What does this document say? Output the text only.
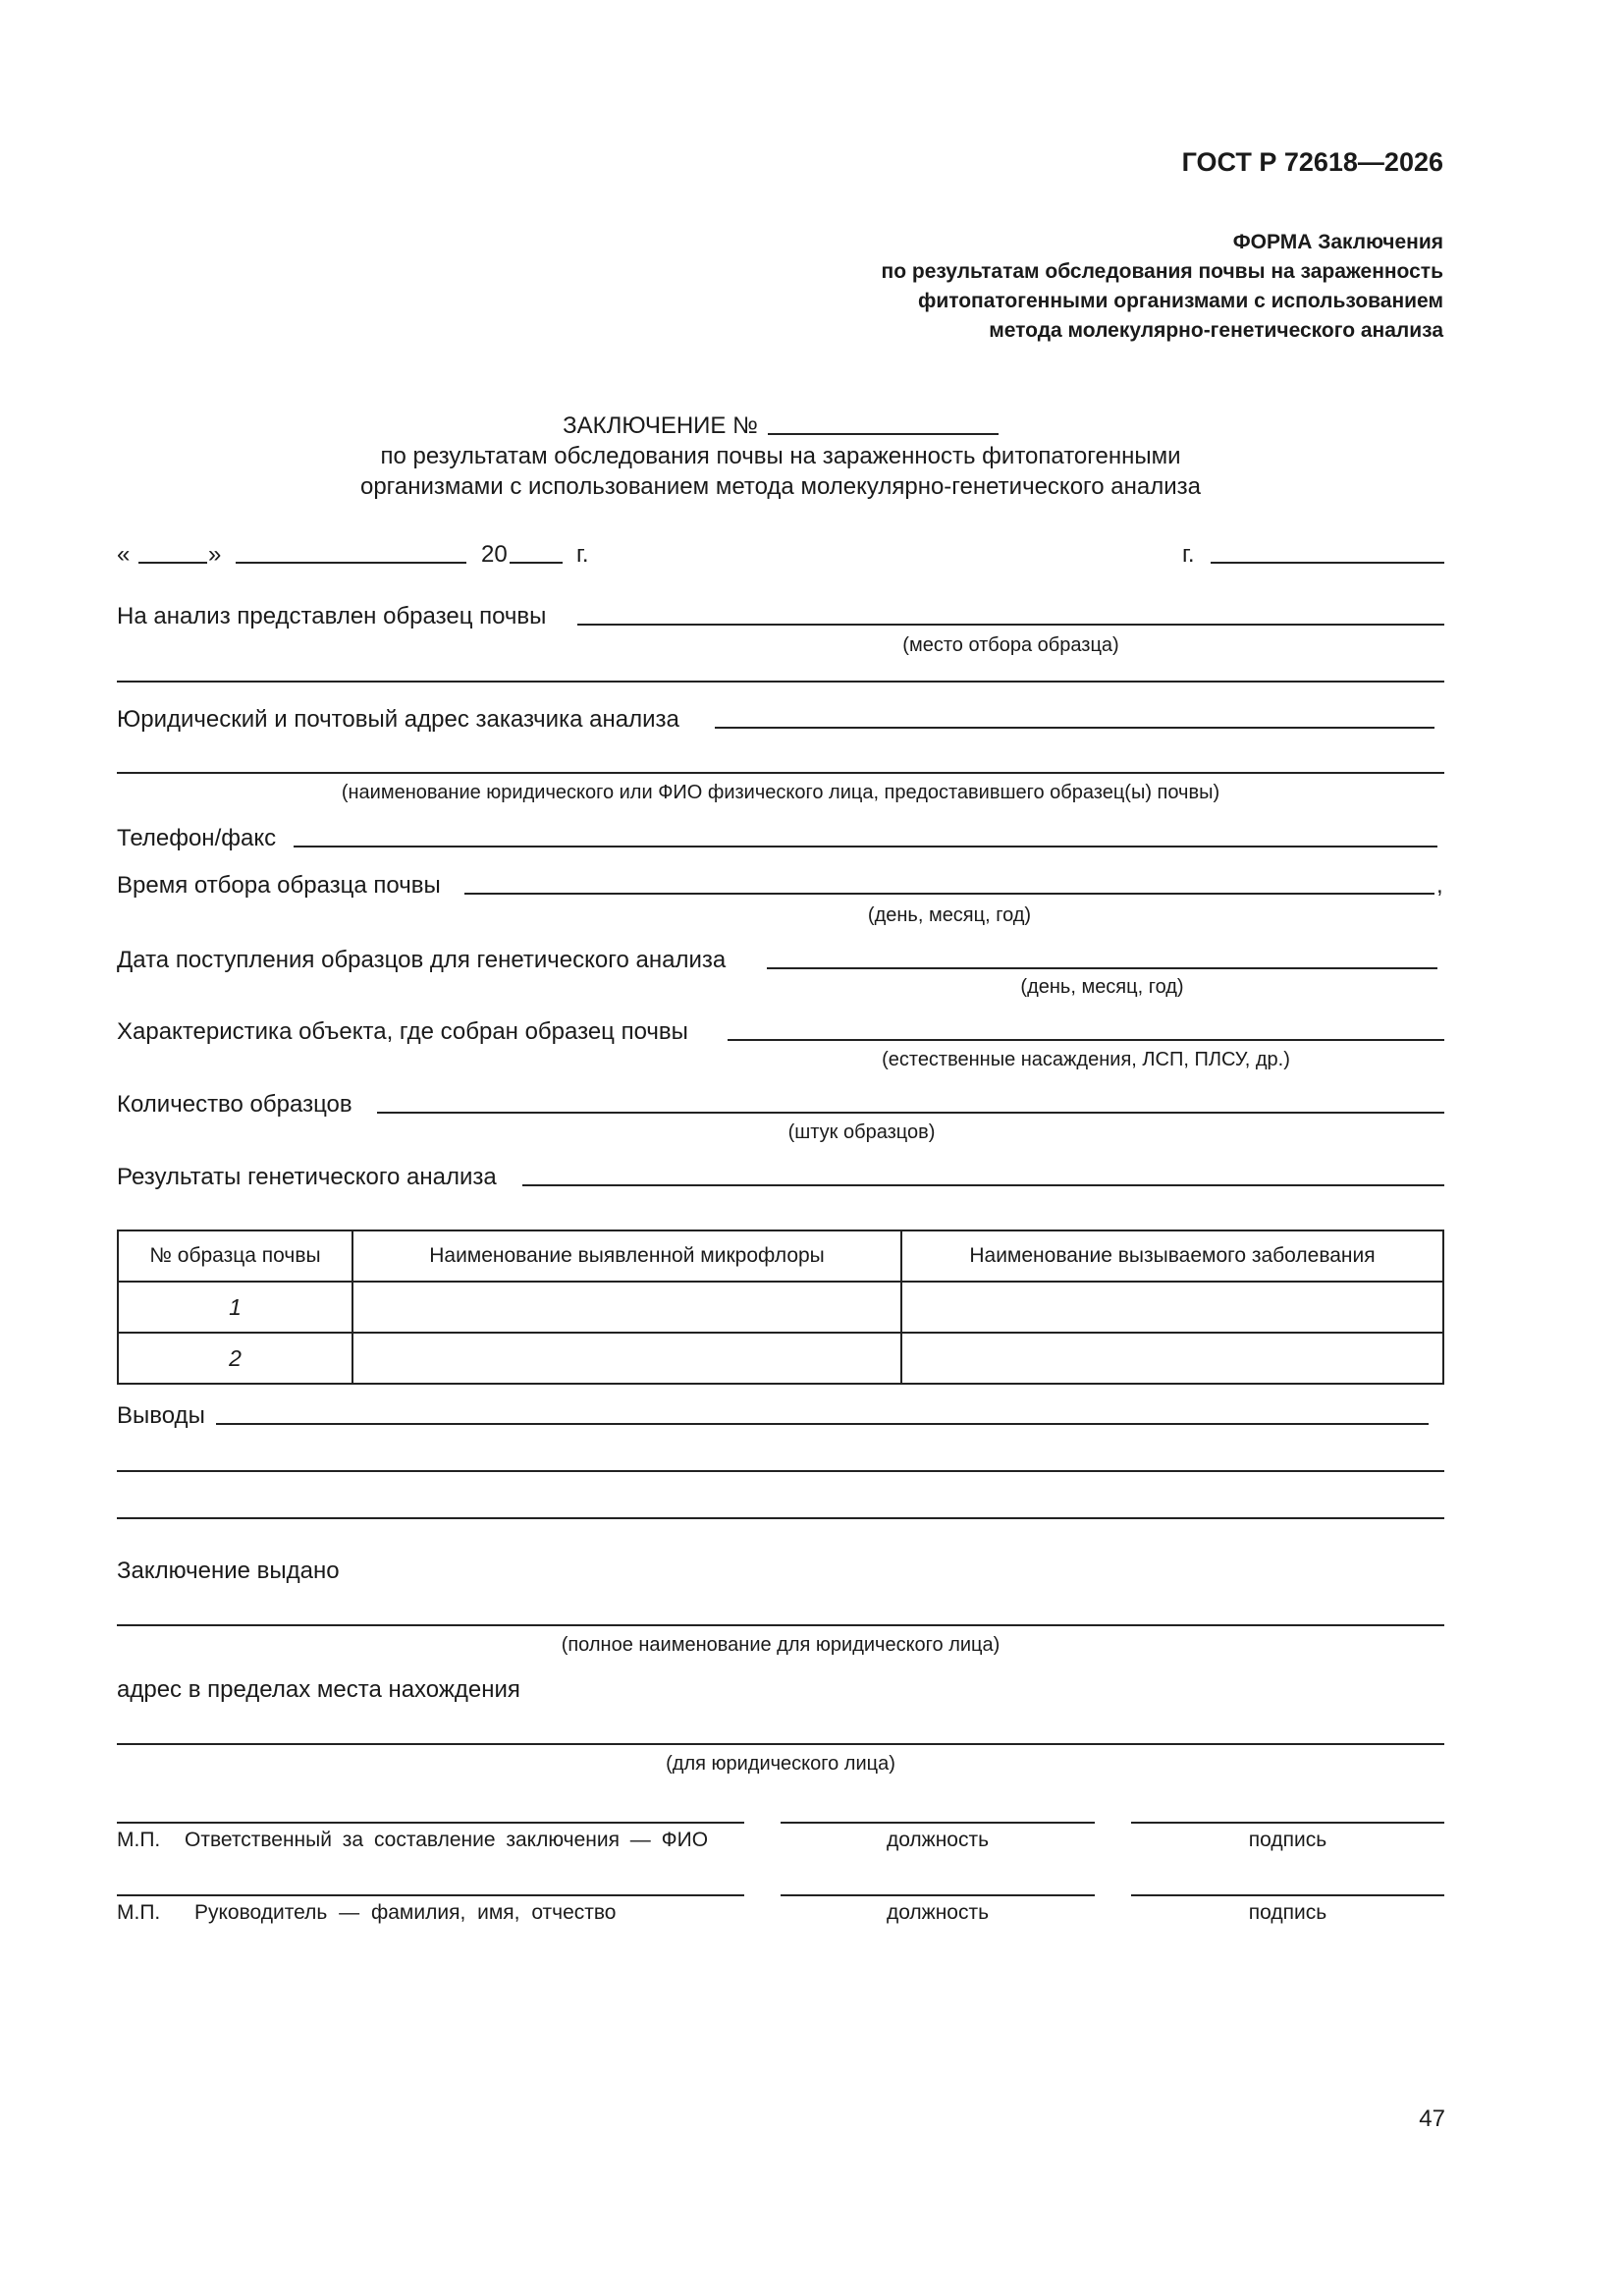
ГОСТ Р 72618—2026
ФОРМА Заключения
по результатам обследования почвы на зараженность
фитопатогенными организмами с использованием
метода молекулярно-генетического анализа
ЗАКЛЮЧЕНИЕ №
по результатам обследования почвы на зараженность фитопатогенными
организмами с использованием метода молекулярно-генетического анализа
«	»	20	г.	г.
На анализ представлен образец почвы
(место отбора образца)
Юридический и почтовый адрес заказчика анализа
(наименование юридического или ФИО физического лица, предоставившего образец(ы) почвы)
Телефон/факс
Время отбора образца почвы	,
(день, месяц, год)
Дата поступления образцов для генетического анализа
(день, месяц, год)
Характеристика объекта, где собран образец почвы
(естественные насаждения, ЛСП, ПЛСУ, др.)
Количество образцов
(штук образцов)
Результаты генетического анализа
№ образца почвы	Наименование выявленной микрофлоры	Наименование вызываемого заболевания
1		
2		
Выводы
Заключение выдано
(полное наименование для юридического лица)
адрес в пределах места нахождения
(для юридического лица)
М.П. Ответственный за составление заключения — ФИО	должность	подпись
М.П. Руководитель — фамилия, имя, отчество	должность	подпись
47
